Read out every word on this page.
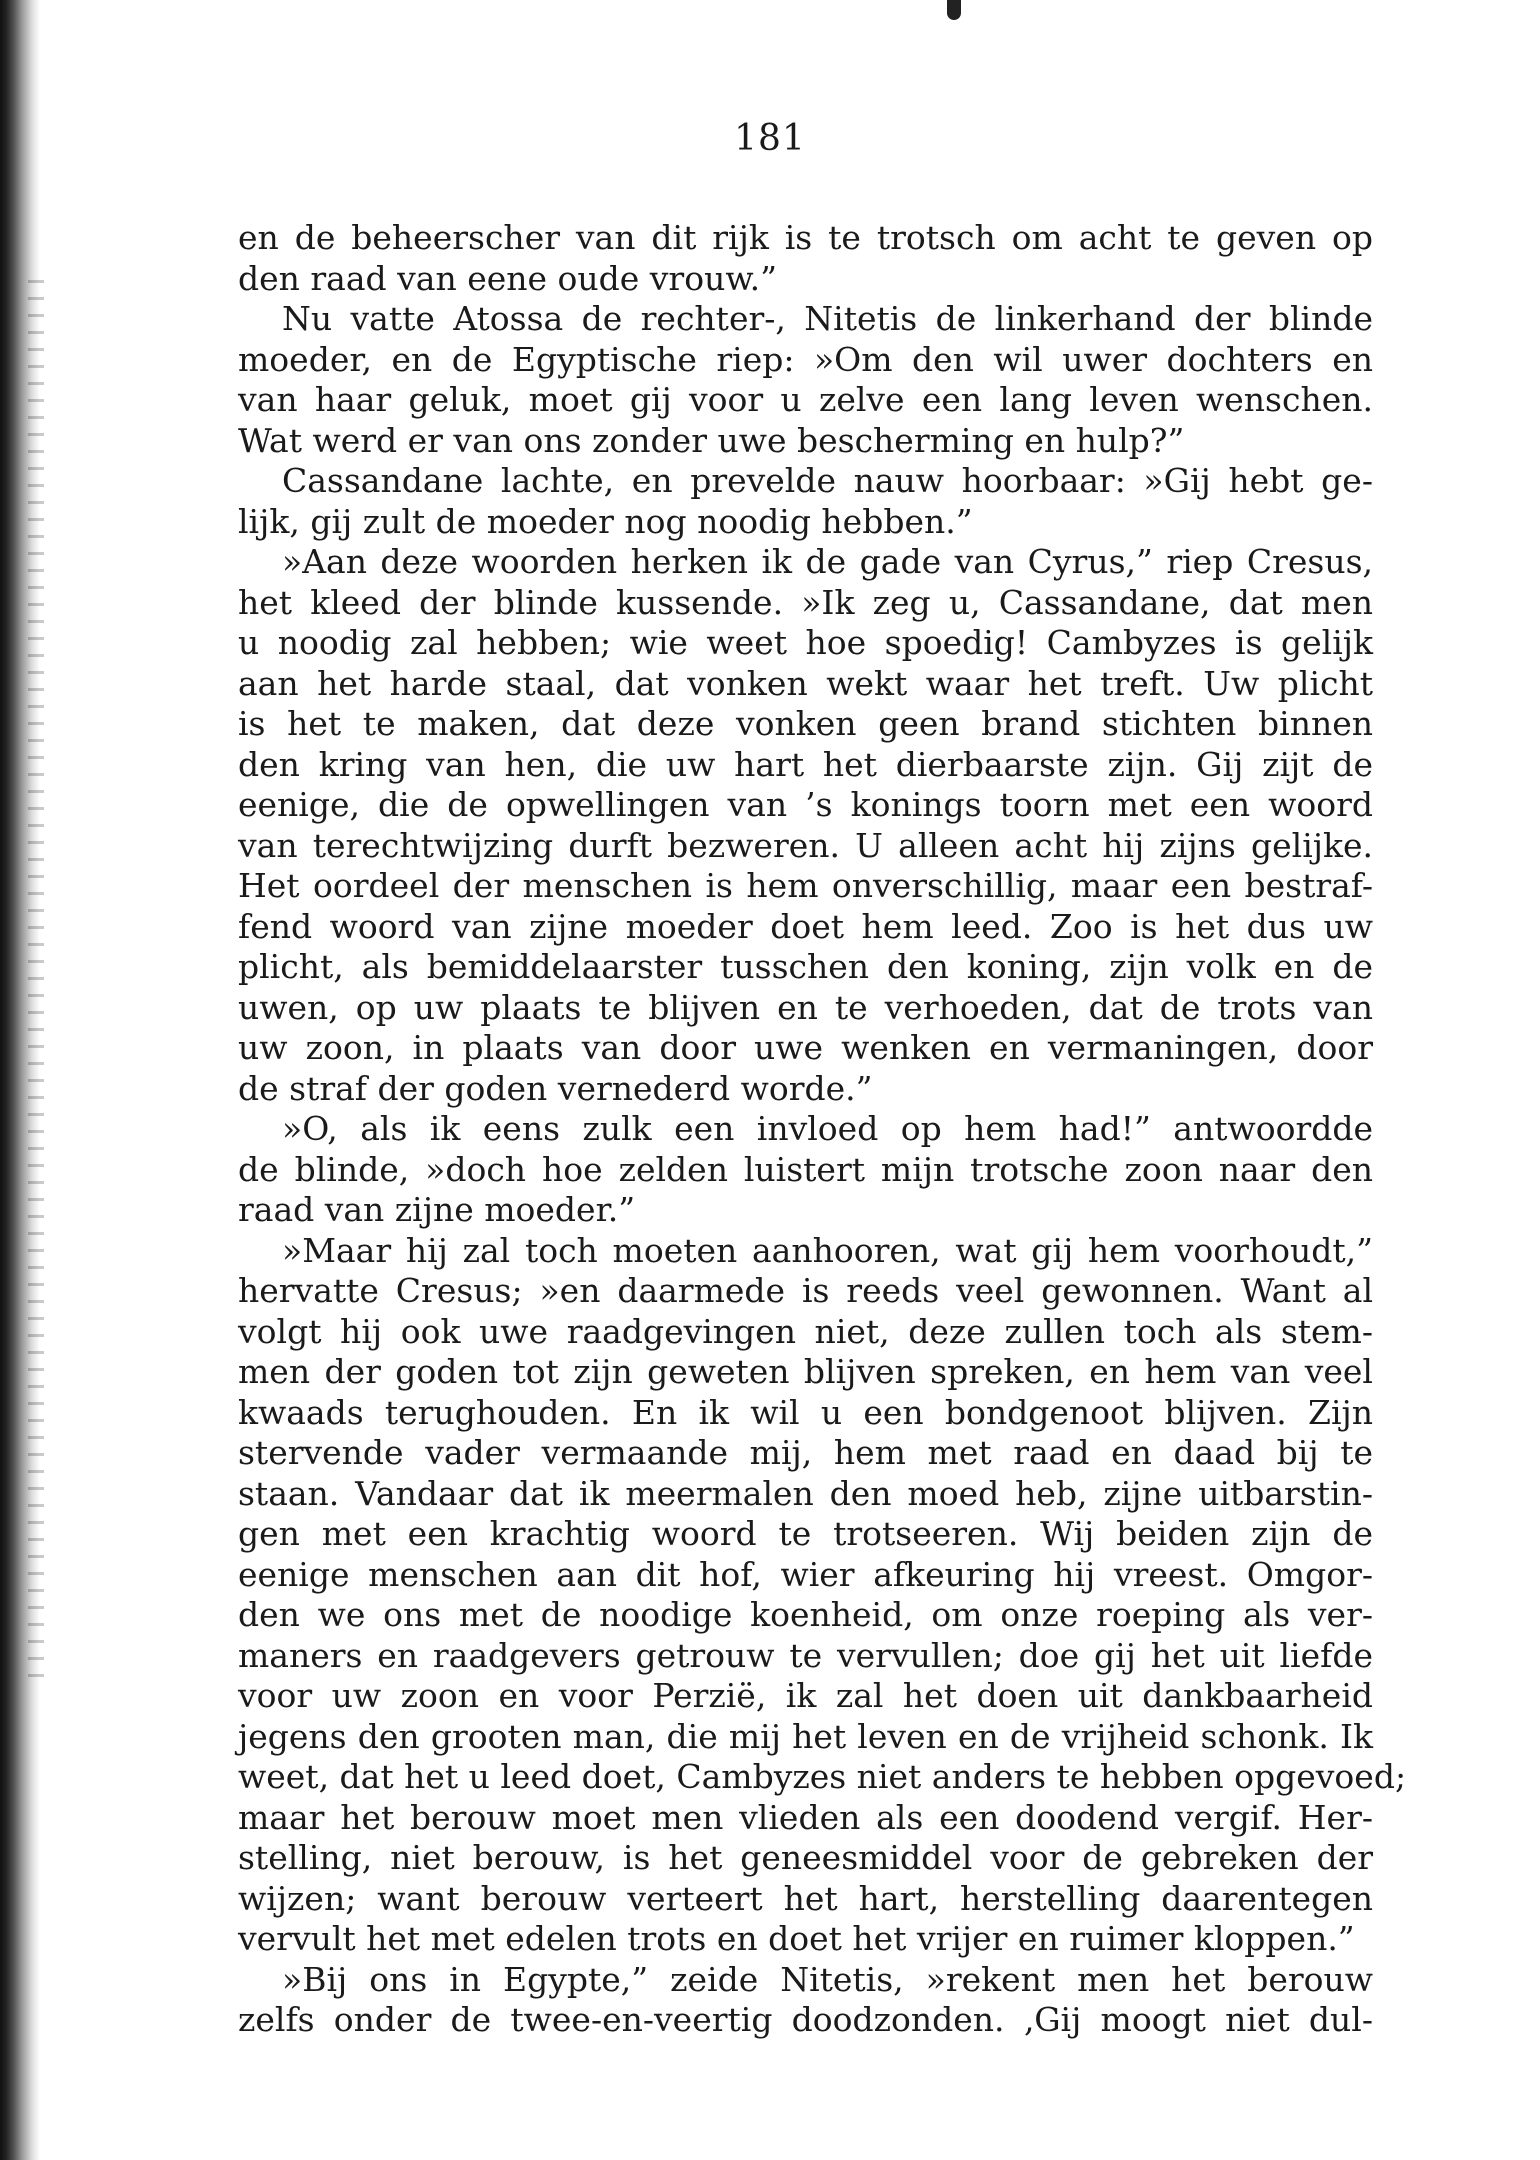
181
en de beheerscher van dit rijk is te trotsch om acht te geven op
den raad van eene oude vrouw.”
Nu vatte Atossa de rechter-, Nitetis de linkerhand der blinde
moeder, en de Egyptische riep: »Om den wil uwer dochters en
van haar geluk, moet gij voor u zelve een lang leven wenschen.
Wat werd er van ons zonder uwe bescherming en hulp?”
Cassandane lachte, en prevelde nauw hoorbaar: »Gij hebt ge-
lijk, gij zult de moeder nog noodig hebben.”
»Aan deze woorden herken ik de gade van Cyrus,” riep Cresus,
het kleed der blinde kussende. »Ik zeg u, Cassandane, dat men
u noodig zal hebben; wie weet hoe spoedig! Cambyzes is gelijk
aan het harde staal, dat vonken wekt waar het treft. Uw plicht
is het te maken, dat deze vonken geen brand stichten binnen
den kring van hen, die uw hart het dierbaarste zijn. Gij zijt de
eenige, die de opwellingen van ’s konings toorn met een woord
van terechtwijzing durft bezweren. U alleen acht hij zijns gelijke.
Het oordeel der menschen is hem onverschillig, maar een bestraf-
fend woord van zijne moeder doet hem leed. Zoo is het dus uw
plicht, als bemiddelaarster tusschen den koning, zijn volk en de
uwen, op uw plaats te blijven en te verhoeden, dat de trots van
uw zoon, in plaats van door uwe wenken en vermaningen, door
de straf der goden vernederd worde.”
»O, als ik eens zulk een invloed op hem had!” antwoordde
de blinde, »doch hoe zelden luistert mijn trotsche zoon naar den
raad van zijne moeder.”
»Maar hij zal toch moeten aanhooren, wat gij hem voorhoudt,”
hervatte Cresus; »en daarmede is reeds veel gewonnen. Want al
volgt hij ook uwe raadgevingen niet, deze zullen toch als stem-
men der goden tot zijn geweten blijven spreken, en hem van veel
kwaads terughouden. En ik wil u een bondgenoot blijven. Zijn
stervende vader vermaande mij, hem met raad en daad bij te
staan. Vandaar dat ik meermalen den moed heb, zijne uitbarstin-
gen met een krachtig woord te trotseeren. Wij beiden zijn de
eenige menschen aan dit hof, wier afkeuring hij vreest. Omgor-
den we ons met de noodige koenheid, om onze roeping als ver-
maners en raadgevers getrouw te vervullen; doe gij het uit liefde
voor uw zoon en voor Perzië, ik zal het doen uit dankbaarheid
jegens den grooten man, die mij het leven en de vrijheid schonk. Ik
weet, dat het u leed doet, Cambyzes niet anders te hebben opgevoed;
maar het berouw moet men vlieden als een doodend vergif. Her-
stelling, niet berouw, is het geneesmiddel voor de gebreken der
wijzen; want berouw verteert het hart, herstelling daarentegen
vervult het met edelen trots en doet het vrijer en ruimer kloppen.”
»Bij ons in Egypte,” zeide Nitetis, »rekent men het berouw
zelfs onder de twee-en-veertig doodzonden. ‚Gij moogt niet dul-
